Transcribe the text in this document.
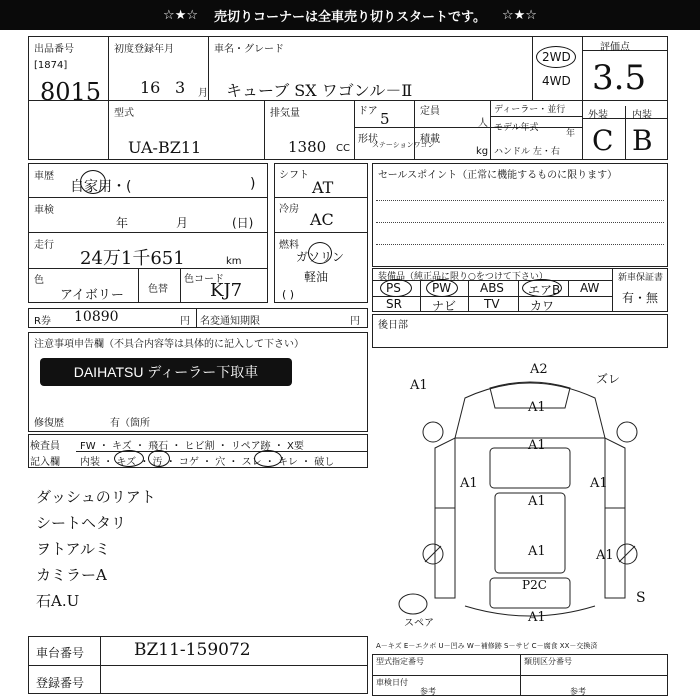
☆★☆ 売切りコーナーは全車売り切りスタートです。 ☆★☆
出品番号
[1874]
8015
初度登録年月
16 3 月
車名・グレード
キューブ SX ワゴンル－Ⅱ
2WD
4WD
評価点
3.5
外装 内装
C B
型式
UA-BZ11
排気量
1380 CC
ドア 5	定員
人
ディーラー・並行
モデル年式
年
ハンドル 左・右
形状
ステーションワゴン
積載
kg
車歴
自家用・(	)
車検
年	月	(日)
走行
24万1千651	km
色
アイボリー 色替
色コード
KJ7
シフト
AT
冷房
AC
燃料
ガソリン
軽油
( )
セールスポイント（正常に機能するものに限ります）
装備品（純正品に限り○をつけて下さい）
PS	PW ABS エアB AW
SR	ナビ TV	カワ
新車保証書
有・無
R券 10890	円 名変通知期限	円 後日部
注意事項申告欄（不具合内容等は具体的に記入して下さい）
DAIHATSU ディーラー下取車
修復歴	有（箇所
検査員
記入欄
FW ・ キズ ・ 飛石 ・ ヒビ割 ・ リペア跡 ・ X要
内装 ・ キズ ・ 汚 ・ コゲ ・ 穴 ・ スレ ・ キレ ・ 破し
ダッシュのリアト
シートヘタリ
ヲトアルミ
カミラーA
石A.U
車台番号	BZ11-159072
登録番号
A1
A2
ズレ
A1
A1
A1	A1
A1
A1	A1
P2C
A1
S
スペア
A－キズ E－エクボ U－凹み W－補修跡 S－サビ C－腐食 XX－交換済
型式指定番号	類別区分番号
車検日付
参考	参考
